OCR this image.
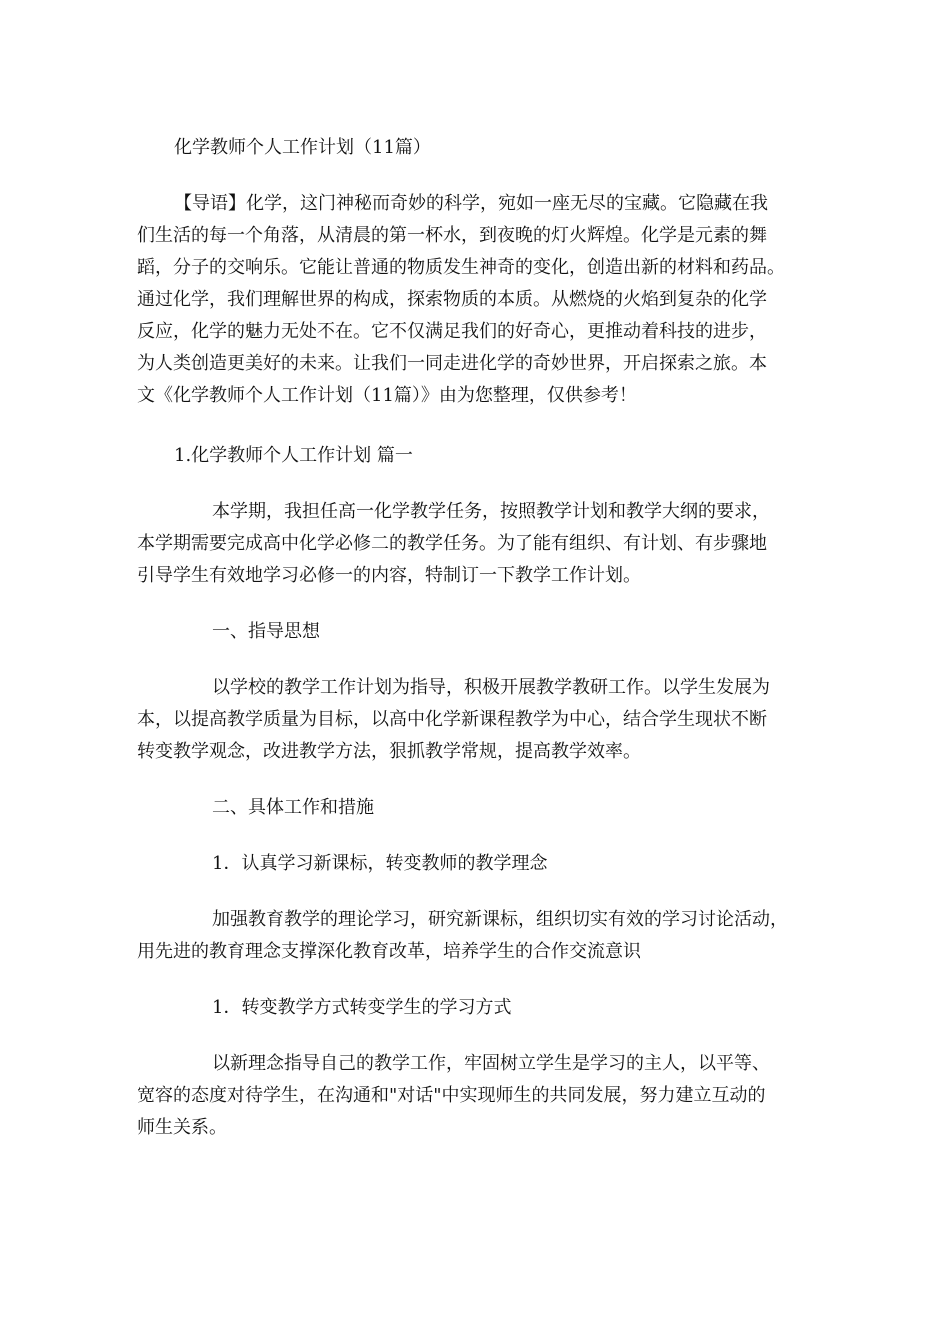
化学教师个人工作计划（11篇）
【导语】化学，这门神秘而奇妙的科学，宛如一座无尽的宝藏。它隐藏在我
们生活的每一个角落，从清晨的第一杯水，到夜晚的灯火辉煌。化学是元素的舞
蹈，分子的交响乐。它能让普通的物质发生神奇的变化，创造出新的材料和药品。
通过化学，我们理解世界的构成，探索物质的本质。从燃烧的火焰到复杂的化学
反应，化学的魅力无处不在。它不仅满足我们的好奇心，更推动着科技的进步，
为人类创造更美好的未来。让我们一同走进化学的奇妙世界，开启探索之旅。本
文《化学教师个人工作计划（11篇）》由为您整理，仅供参考！
1.化学教师个人工作计划 篇一
本学期，我担任高一化学教学任务，按照教学计划和教学大纲的要求，
本学期需要完成高中化学必修二的教学任务。为了能有组织、有计划、有步骤地
引导学生有效地学习必修一的内容，特制订一下教学工作计划。
一、指导思想
以学校的教学工作计划为指导，积极开展教学教研工作。以学生发展为
本，以提高教学质量为目标，以高中化学新课程教学为中心，结合学生现状不断
转变教学观念，改进教学方法，狠抓教学常规，提高教学效率。
二、具体工作和措施
1．认真学习新课标，转变教师的教学理念
加强教育教学的理论学习，研究新课标，组织切实有效的学习讨论活动，
用先进的教育理念支撑深化教育改革，培养学生的合作交流意识
1．转变教学方式转变学生的学习方式
以新理念指导自己的教学工作，牢固树立学生是学习的主人，以平等、
宽容的态度对待学生，在沟通和"对话"中实现师生的共同发展，努力建立互动的
师生关系。
